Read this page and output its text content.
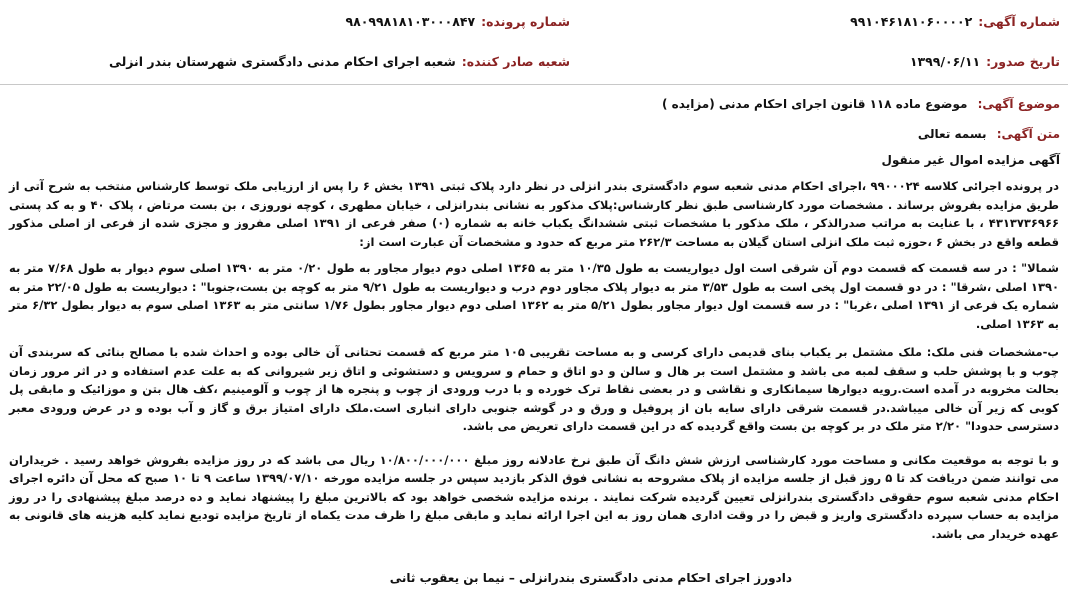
شماره آگهی:۹۹۱۰۴۶۱۸۱۰۶۰۰۰۰۲
شماره پرونده:۹۸۰۹۹۸۱۸۱۰۳۰۰۰۸۴۷
تاریخ صدور:۱۳۹۹/۰۶/۱۱
شعبه صادر کننده:شعبه اجرای احکام مدنی دادگستری شهرستان بندر انزلی
موضوع آگهی: موضوع ماده ۱۱۸ قانون اجرای احکام مدنی (مزایده )
متن آگهی: بسمه تعالی
آگهی مزایده اموال غیر منقول

در پرونده اجرائی کلاسه ۹۹۰۰۰۲۴ ،اجرای احکام مدنی شعبه سوم دادگستری بندر انزلی در نظر دارد پلاک ثبتی ۱۳۹۱ بخش ۶ را پس از ارزیابی ملک توسط کارشناس منتخب به شرح آتی از طریق مزایده بفروش برساند . مشخصات مورد کارشناسی طبق نظر کارشناس:پلاک مذکور به نشانی بندرانزلی ، خیابان مطهری ، کوچه نوروزی ، بن بست مرتاض ، پلاک ۴۰ و به کد پستی ۴۳۱۳۷۳۶۹۶۶ ، با عنایت به مراتب صدرالذکر ، ملک مذکور با مشخصات ثبتی ششدانگ یکباب خانه به شماره (۰) صفر فرعی از ۱۳۹۱ اصلی مفروز و مجزی شده از فرعی از اصلی مذکور قطعه واقع در بخش ۶ ،حوزه ثبت ملک انزلی استان گیلان به مساحت ۲۶۲/۳ متر مربع که حدود و مشخصات آن عبارت است از:

شمالا" : در سه قسمت که قسمت دوم آن شرقی است اول دیواریست به طول ۱۰/۳۵ متر به ۱۳۶۵ اصلی دوم دیوار مجاور به طول ۰/۲۰ متر به ۱۳۹۰ اصلی سوم دیوار به طول ۷/۶۸ متر به ۱۳۹۰ اصلی ،شرقا" : در دو قسمت اول پخی است به طول ۳/۵۳ متر به دیوار پلاک مجاور دوم درب و دیواریست به طول ۹/۲۱ متر به کوچه بن بست،جنوبا" : دیواریست به طول ۲۲/۰۵ متر به شماره یک فرعی از ۱۳۹۱ اصلی ،غربا" : در سه قسمت اول دیوار مجاور بطول ۵/۲۱ متر به ۱۳۶۲ اصلی دوم دیوار مجاور بطول ۱/۷۶ سانتی متر به ۱۳۶۳ اصلی سوم به دیوار بطول ۶/۳۲ متر به ۱۳۶۳ اصلی.

ب-مشخصات فنی ملک: ملک مشتمل بر یکباب بنای قدیمی دارای کرسی و به مساحت تقریبی ۱۰۵ متر مربع که قسمت تحتانی آن خالی بوده و احداث شده با مصالح بنائی که سربندی آن چوب و با پوشش حلب و سقف لمبه می باشد و مشتمل است بر هال و سالن و دو اتاق و حمام و سرویس و دستشوئی و اتاق زیر شیروانی که به علت عدم استفاده و در اثر مرور زمان بحالت مخروبه در آمده است.رویه دیوارها سیمانکاری و نقاشی و در بعضی نقاط ترک خورده و با درب ورودی از چوب و پنجره ها از چوب و آلومینیم ،کف هال بتن و موزائیک و مابقی پل کوبی که زیر آن خالی میباشد.در قسمت شرقی دارای سایه بان از پروفیل و ورق و در گوشه جنوبی دارای انباری است.ملک دارای امتیاز برق و گاز و آب بوده و در عرض ورودی معبر دسترسی حدودا" ۲/۲۰ متر ملک در بر کوچه بن بست واقع گردیده که در این قسمت دارای تعریض می باشد.

و با توجه به موقعیت مکانی و مساحت مورد کارشناسی ارزش شش دانگ آن طبق نرخ عادلانه روز مبلغ ۱۰/۸۰۰/۰۰۰/۰۰۰ ریال می باشد که در روز مزایده بفروش خواهد رسید . خریداران می توانند ضمن دریافت کد تا ۵ روز قبل از جلسه مزایده از پلاک مشروحه به نشانی فوق الذکر بازدید سپس در جلسه مزایده مورخه ۱۳۹۹/۰۷/۱۰ ساعت ۹ تا ۱۰ صبح که محل آن دائره اجرای احکام مدنی شعبه سوم حقوقی دادگستری بندرانزلی تعیین گردیده شرکت نمایند . برنده مزایده شخصی خواهد بود که بالاترین مبلغ را پیشنهاد نماید و ده درصد مبلغ پیشنهادی را در روز مزایده به حساب سپرده دادگستری واریز و قبض را در وقت اداری همان روز به این اجرا ارائه نماید و مابقی مبلغ را ظرف مدت یکماه از تاریخ مزایده تودیع نماید کلیه هزینه های قانونی به عهده خریدار می باشد.

دادورز اجرای احکام مدنی دادگستری بندرانزلی – نیما بن یعقوب ثانی
